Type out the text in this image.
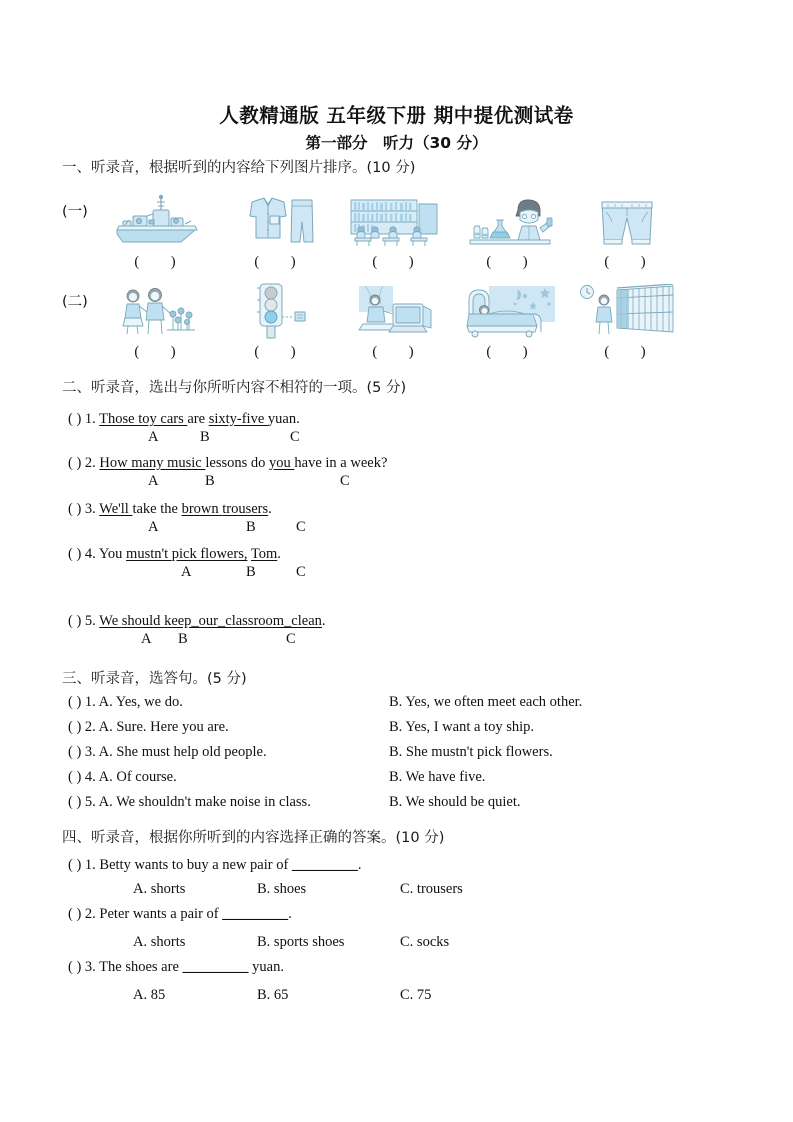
人教精通版 五年级下册 期中提优测试卷
第一部分　听力（30 分）
一、听录音，根据听到的内容给下列图片排序。(10 分)
(一)
( )	( )	( )	( )	( )
(二)
( )	( )	( )	( )	( )
二、听录音，选出与你所听内容不相符的一项。(5 分)
( ) 1. Those toy cars are sixty-five yuan.
A	B	C
( ) 2. How many music lessons do you have in a week?
A	B	C
( ) 3. We'll take the brown trousers.
A	B	C
( ) 4. You mustn't pick flowers, Tom.
A	B	C
( ) 5. We should keep_our_classroom_clean.
A B	C
三、听录音，选答句。(5 分)
( ) 1. A. Yes, we do.	B. Yes, we often meet each other.
( ) 2. A. Sure. Here you are.	B. Yes, I want a toy ship.
( ) 3. A. She must help old people.	B. She mustn't pick flowers.
( ) 4. A. Of course.	B. We have five.
( ) 5. A. We shouldn't make noise in class.	B. We should be quiet.
四、听录音，根据你所听到的内容选择正确的答案。(10 分)
( ) 1. Betty wants to buy a new pair of ________.
A. shorts	B. shoes	C. trousers
( ) 2. Peter wants a pair of ________.
A. shorts	B. sports shoes	C. socks
( ) 3. The shoes are ________ yuan.
A. 85	B. 65	C. 75
